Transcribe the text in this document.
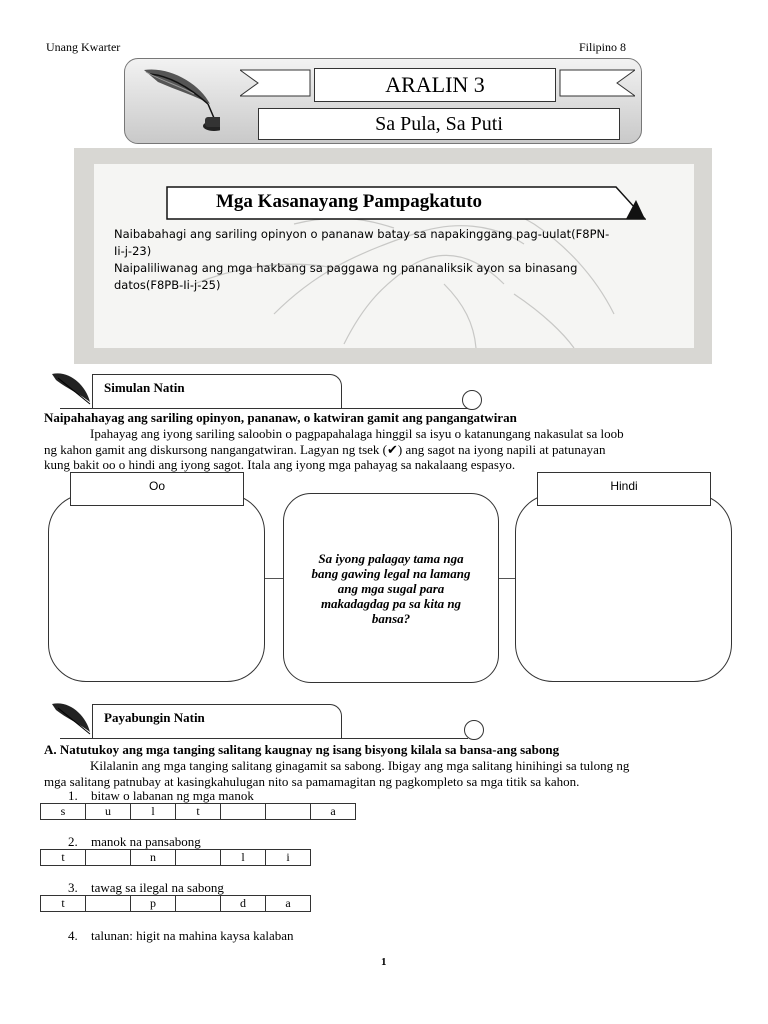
Unang Kwarter	Filipino 8
ARALIN 3
Sa Pula, Sa Puti
Mga Kasanayang Pampagkatuto
Naibabahagi ang sariling opinyon o pananaw batay sa napakinggang pag-uulat(F8PN-
Ii-j-23)
Naipaliliwanag ang mga hakbang sa paggawa ng pananaliksik ayon sa binasang
datos(F8PB-Ii-j-25)
Simulan Natin
Naipahahayag ang sariling opinyon, pananaw, o katwiran gamit ang pangangatwiran
Ipahayag ang iyong sariling saloobin o pagpapahalaga hinggil sa isyu o katanungang nakasulat sa loob
ng kahon gamit ang diskursong nangangatwiran. Lagyan ng tsek (✔) ang sagot na iyong napili at patunayan
kung bakit oo o hindi ang iyong sagot. Itala ang iyong mga pahayag sa nakalaang espasyo.
Oo
Sa iyong palagay tama nga bang gawing legal na lamang ang mga sugal para makadagdag pa sa kita ng bansa?
Hindi
Payabungin Natin
A. Natutukoy ang mga tanging salitang kaugnay ng isang bisyong kilala sa bansa-ang sabong
Kilalanin ang mga tanging salitang ginagamit sa sabong. Ibigay ang mga salitang hinihingi sa tulong ng
mga salitang patnubay at kasingkahulugan nito sa pamamagitan ng pagkompleto sa mga titik sa kahon.
1. bitaw o labanan ng mga manok
s	u	l	t			a
2. manok na pansabong
t		n		l	i
3. tawag sa ilegal na sabong
t		p		d	a
4. talunan: higit na mahina kaysa kalaban
1
